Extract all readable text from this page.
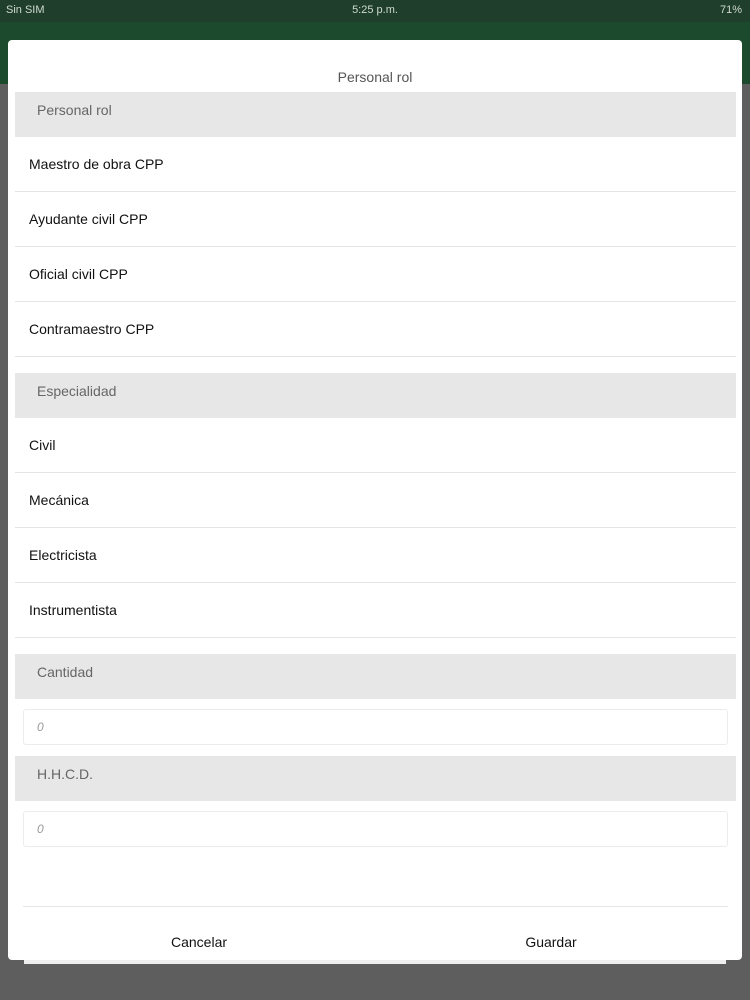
Sin SIM	5:25 p.m.	71%
Personal rol
Personal rol
Maestro de obra CPP
Ayudante civil CPP
Oficial civil CPP
Contramaestro CPP
Especialidad
Civil
Mecánica
Electricista
Instrumentista
Cantidad
0
H.H.C.D.
0
Cancelar	Guardar
